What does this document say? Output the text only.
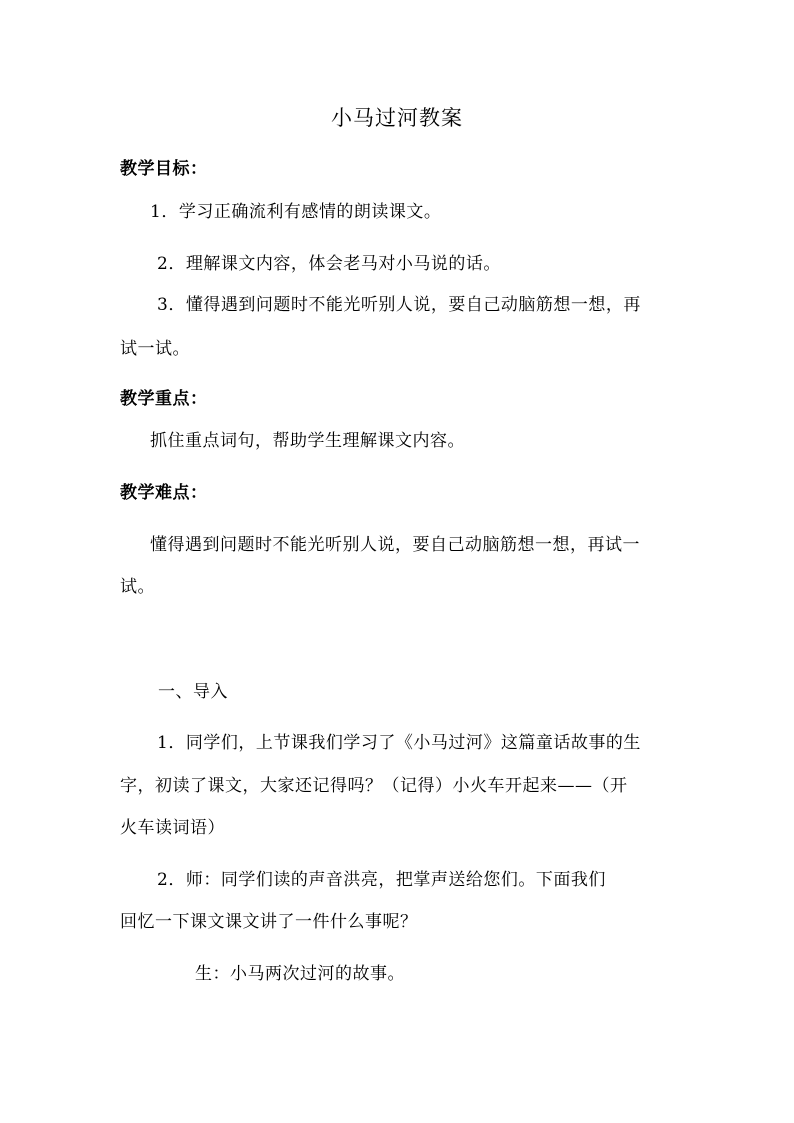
小马过河教案
教学目标：
1．学习正确流利有感情的朗读课文。
2．理解课文内容，体会老马对小马说的话。
3．懂得遇到问题时不能光听别人说，要自己动脑筋想一想，再
试一试。
教学重点：
抓住重点词句，帮助学生理解课文内容。
教学难点：
懂得遇到问题时不能光听别人说，要自己动脑筋想一想，再试一
试。
一、导入
1．同学们，上节课我们学习了《小马过河》这篇童话故事的生
字，初读了课文，大家还记得吗？（记得）小火车开起来——（开
火车读词语）
2．师：同学们读的声音洪亮，把掌声送给您们。下面我们
回忆一下课文课文讲了一件什么事呢？
生：小马两次过河的故事。
